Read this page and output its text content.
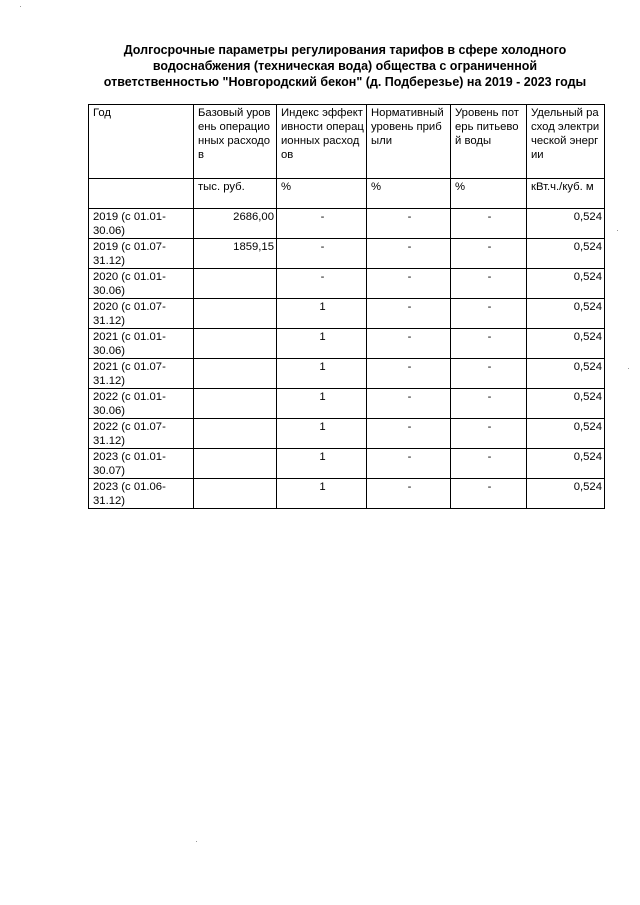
Долгосрочные параметры регулирования тарифов в сфере холодного
водоснабжения (техническая вода) общества с ограниченной
ответственностью "Новгородский бекон" (д. Подберезье) на 2019 - 2023 годы
Год	Базовый уровень операционных расходов	Индекс эффективности операционных расходов	Нормативный уровень прибыли	Уровень потерь питьевой воды	Удельный расход электрической энергии
	тыс. руб.	%	%	%	кВт.ч./куб. м
2019 (с 01.01-30.06)	2686,00	-	-	-	0,524
2019 (с 01.07-31.12)	1859,15	-	-	-	0,524
2020 (с 01.01-30.06)		-	-	-	0,524
2020 (с 01.07-31.12)		1	-	-	0,524
2021 (с 01.01-30.06)		1	-	-	0,524
2021 (с 01.07-31.12)		1	-	-	0,524
2022 (с 01.01-30.06)		1	-	-	0,524
2022 (с 01.07-31.12)		1	-	-	0,524
2023 (с 01.01-30.07)		1	-	-	0,524
2023 (с 01.06-31.12)		1	-	-	0,524
